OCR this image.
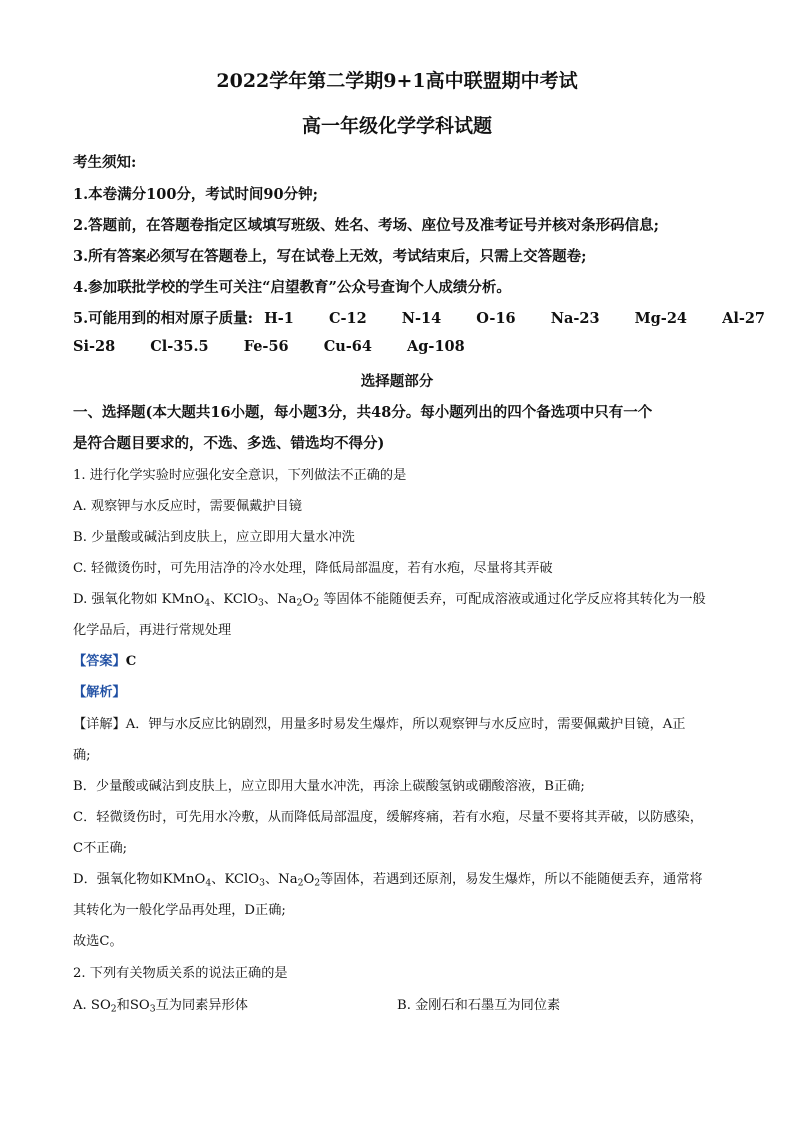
2022学年第二学期9+1高中联盟期中考试
高一年级化学学科试题
考生须知:
1.本卷满分100分，考试时间90分钟;
2.答题前，在答题卷指定区域填写班级、姓名、考场、座位号及准考证号并核对条形码信息;
3.所有答案必须写在答题卷上，写在试卷上无效，考试结束后，只需上交答题卷;
4.参加联批学校的学生可关注“启望教育”公众号查询个人成绩分析。
5.可能用到的相对原子质量: H-1 C-12 N-14 O-16 Na-23 Mg-24 Al-27
Si-28 Cl-35.5 Fe-56 Cu-64 Ag-108
选择题部分
一、选择题(本大题共16小题，每小题3分，共48分。每小题列出的四个备选项中只有一个
是符合题目要求的，不选、多选、错选均不得分)
1. 进行化学实验时应强化安全意识，下列做法不正确的是
A. 观察钾与水反应时，需要佩戴护目镜
B. 少量酸或碱沾到皮肤上，应立即用大量水冲洗
C. 轻微烫伤时，可先用洁净的冷水处理，降低局部温度，若有水疱，尽量将其弄破
D. 强氧化物如 KMnO$_4$、KClO$_3$、$Na_2O_2$ 等固体不能随便丢弃，可配成溶液或通过化学反应将其转化为一般
化学品后，再进行常规处理
【答案】C
【解析】
【详解】A．钾与水反应比钠剧烈，用量多时易发生爆炸，所以观察钾与水反应时，需要佩戴护目镜，A正
确;
B．少量酸或碱沾到皮肤上，应立即用大量水冲洗，再涂上碳酸氢钠或硼酸溶液，B正确;
C．轻微烫伤时，可先用水冷敷，从而降低局部温度，缓解疼痛，若有水疱，尽量不要将其弄破，以防感染，
C不正确;
D．强氧化物如KMnO$_4$、KClO$_3$、$Na_2O_2$等固体，若遇到还原剂，易发生爆炸，所以不能随便丢弃，通常将
其转化为一般化学品再处理，D正确;
故选C。
2. 下列有关物质关系的说法正确的是
A. $SO_2$和$SO_3$互为同素异形体	B. 金刚石和石墨互为同位素
